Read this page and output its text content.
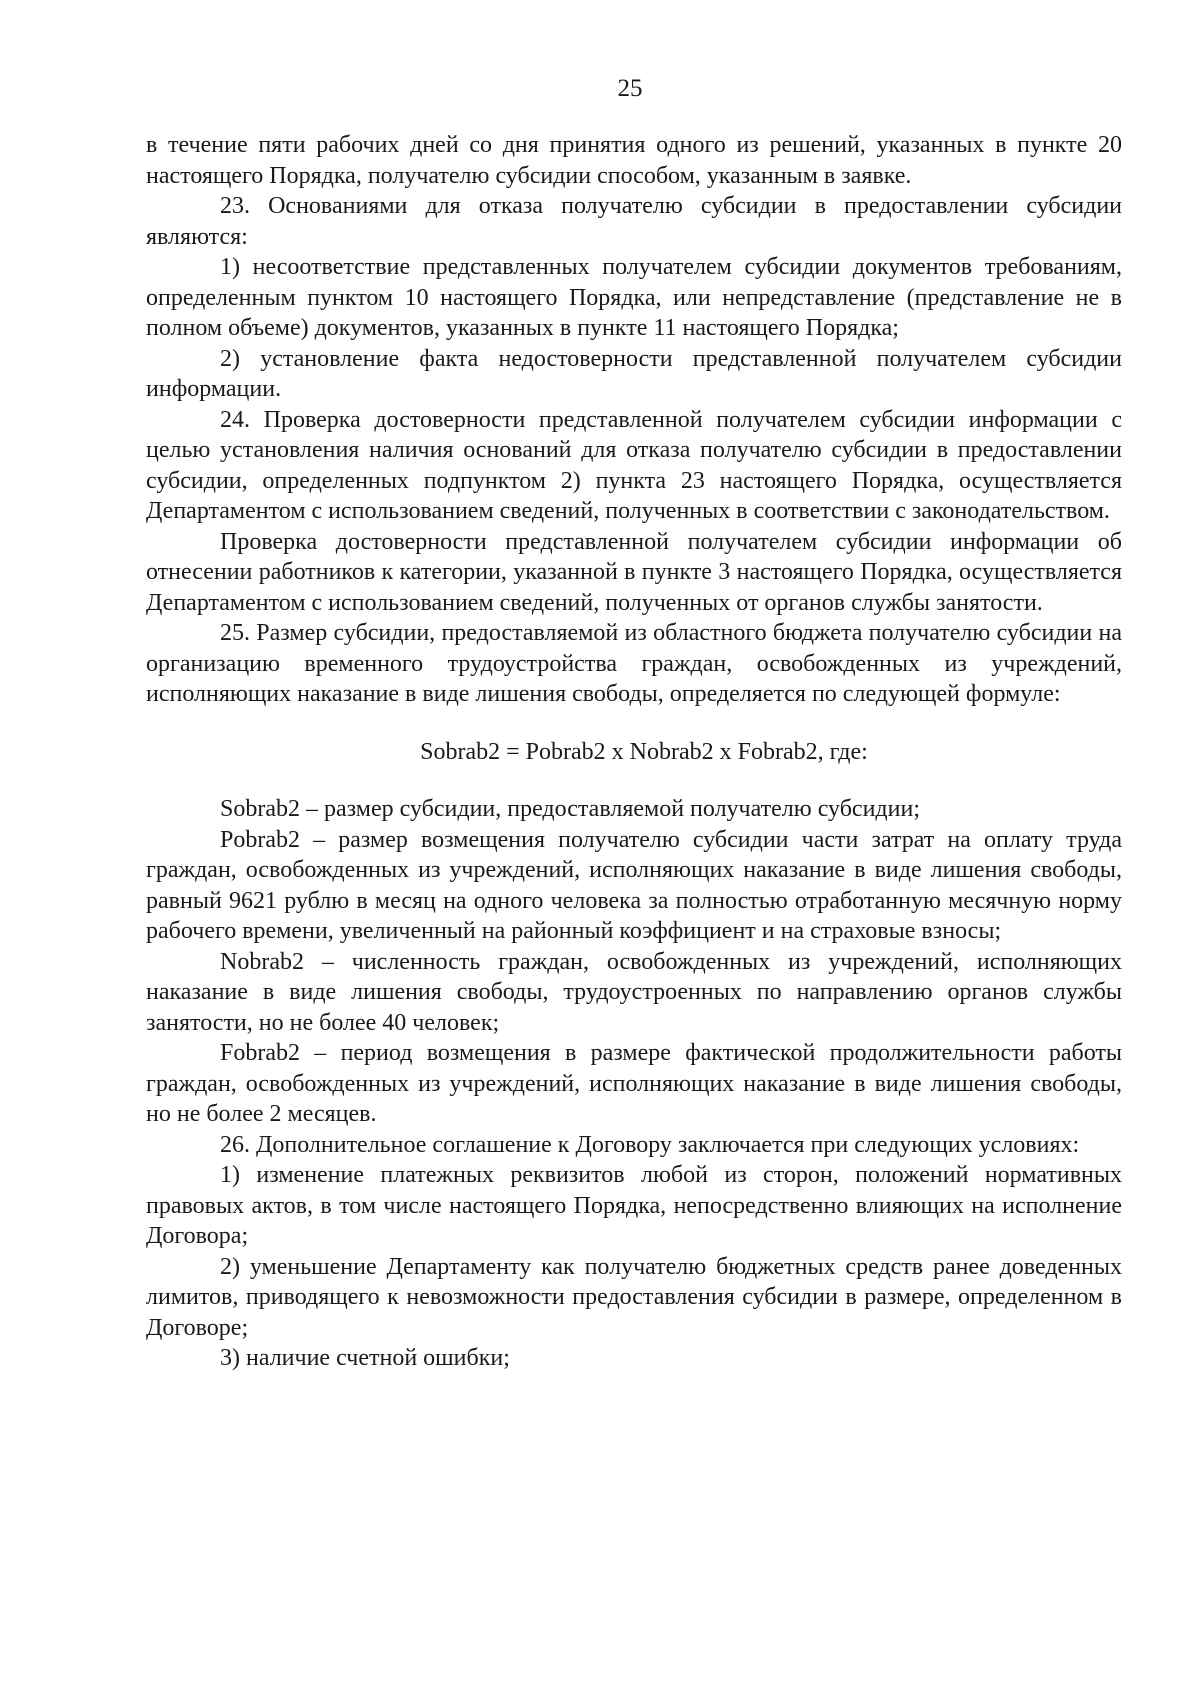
25

в течение пяти рабочих дней со дня принятия одного из решений, указанных в пункте 20 настоящего Порядка, получателю субсидии способом, указанным в заявке.

23. Основаниями для отказа получателю субсидии в предоставлении субсидии являются:

1) несоответствие представленных получателем субсидии документов требованиям, определенным пунктом 10 настоящего Порядка, или непредставление (представление не в полном объеме) документов, указанных в пункте 11 настоящего Порядка;

2) установление факта недостоверности представленной получателем субсидии информации.

24. Проверка достоверности представленной получателем субсидии информации с целью установления наличия оснований для отказа получателю субсидии в предоставлении субсидии, определенных подпунктом 2) пункта 23 настоящего Порядка, осуществляется Департаментом с использованием сведений, полученных в соответствии с законодательством.

Проверка достоверности представленной получателем субсидии информации об отнесении работников к категории, указанной в пункте 3 настоящего Порядка, осуществляется Департаментом с использованием сведений, полученных от органов службы занятости.

25. Размер субсидии, предоставляемой из областного бюджета получателю субсидии на организацию временного трудоустройства граждан, освобожденных из учреждений, исполняющих наказание в виде лишения свободы, определяется по следующей формуле:

Sobrab2 = Pobrab2 x Nobrab2 x Fobrab2, где:

Sobrab2 – размер субсидии, предоставляемой получателю субсидии;

Pobrab2 – размер возмещения получателю субсидии части затрат на оплату труда граждан, освобожденных из учреждений, исполняющих наказание в виде лишения свободы, равный 9621 рублю в месяц на одного человека за полностью отработанную месячную норму рабочего времени, увеличенный на районный коэффициент и на страховые взносы;

Nobrab2 – численность граждан, освобожденных из учреждений, исполняющих наказание в виде лишения свободы, трудоустроенных по направлению органов службы занятости, но не более 40 человек;

Fobrab2 – период возмещения в размере фактической продолжительности работы граждан, освобожденных из учреждений, исполняющих наказание в виде лишения свободы, но не более 2 месяцев.

26. Дополнительное соглашение к Договору заключается при следующих условиях:

1) изменение платежных реквизитов любой из сторон, положений нормативных правовых актов, в том числе настоящего Порядка, непосредственно влияющих на исполнение Договора;

2) уменьшение Департаменту как получателю бюджетных средств ранее доведенных лимитов, приводящего к невозможности предоставления субсидии в размере, определенном в Договоре;

3) наличие счетной ошибки;
